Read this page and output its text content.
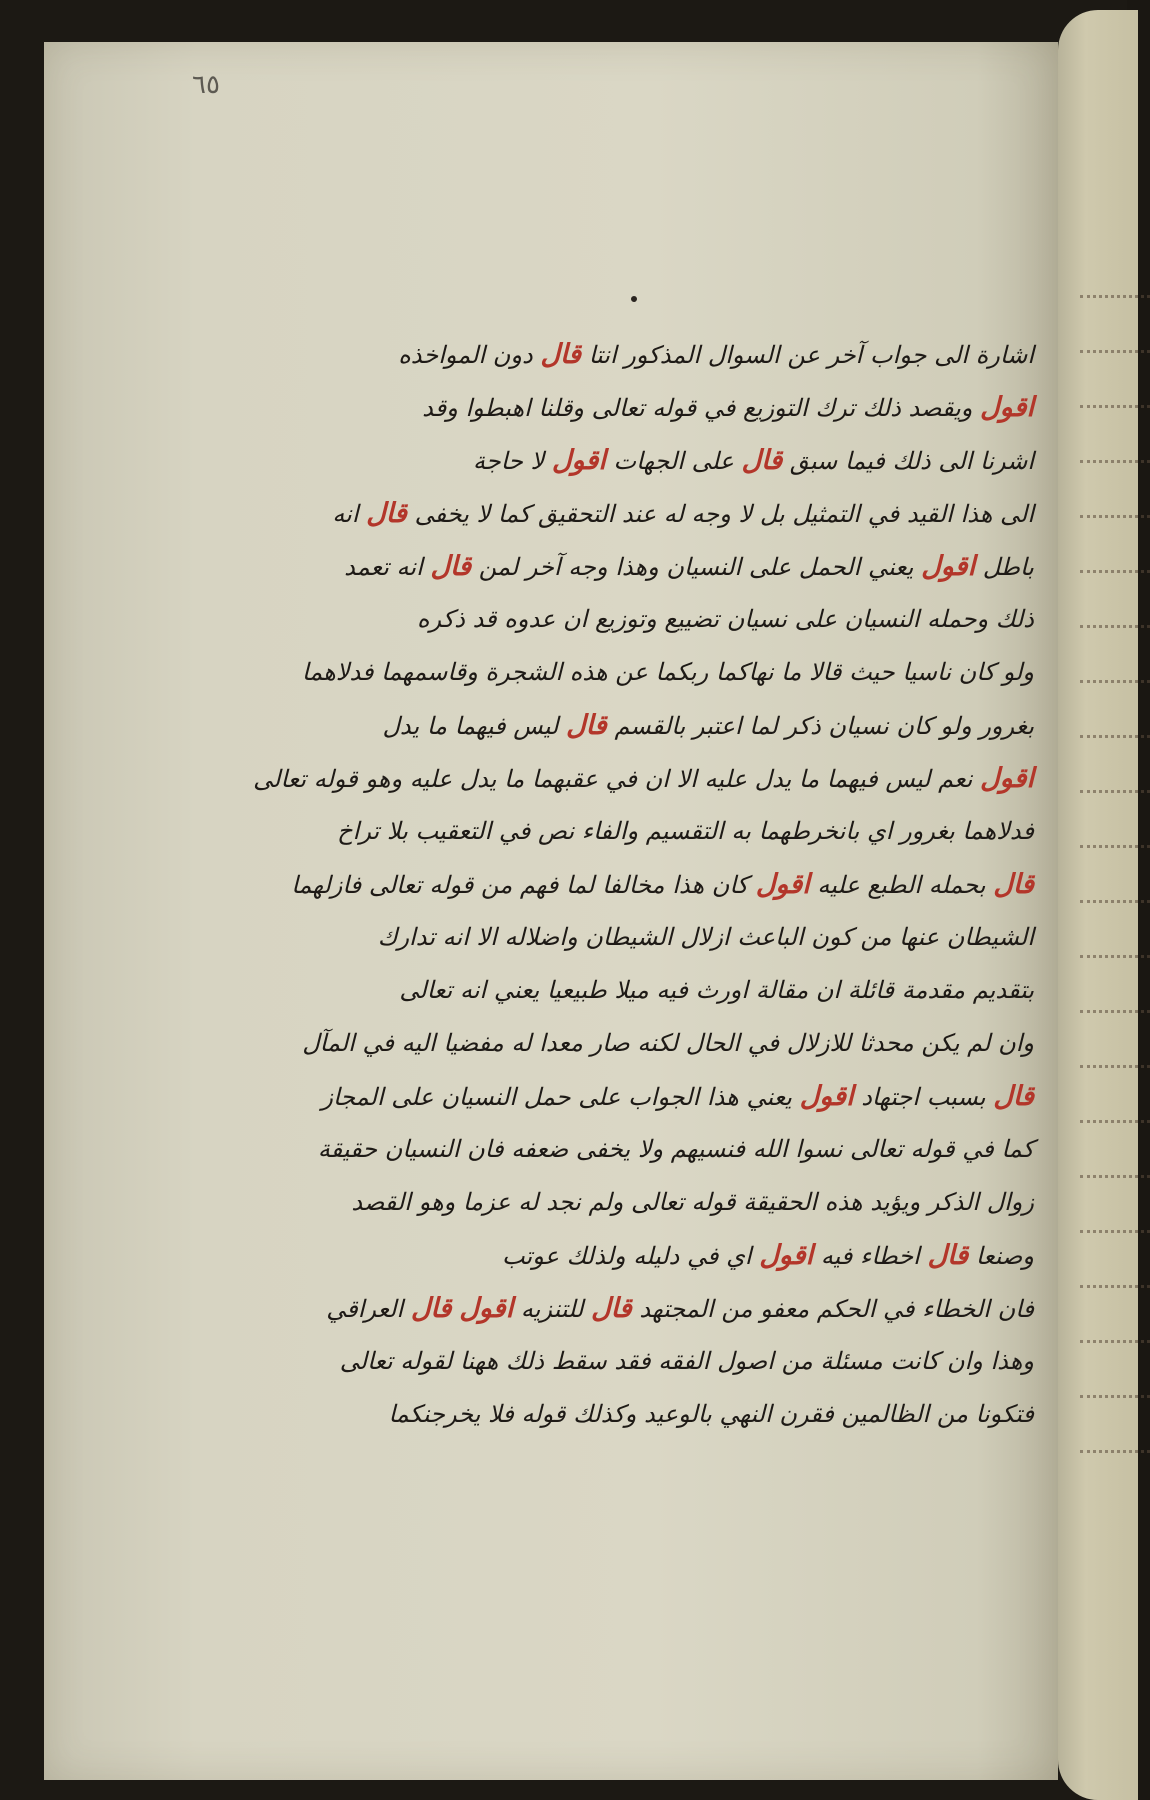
٦٥
اشارة الى جواب آخر عن السوال المذكور انتا قال دون المواخذه
اقول ويقصد ذلك ترك التوزيع في قوله تعالى وقلنا اهبطوا وقد
اشرنا الى ذلك فيما سبق قال على الجهات اقول لا حاجة
الى هذا القيد في التمثيل بل لا وجه له عند التحقيق كما لا يخفى قال انه
باطل اقول يعني الحمل على النسيان وهذا وجه آخر لمن قال انه تعمد
ذلك وحمله النسيان على نسيان تضييع وتوزيع ان عدوه قد ذكره
ولو كان ناسيا حيث قالا ما نهاكما ربكما عن هذه الشجرة وقاسمهما فدلاهما
بغرور ولو كان نسيان ذكر لما اعتبر بالقسم قال ليس فيهما ما يدل
اقول نعم ليس فيهما ما يدل عليه الا ان في عقبهما ما يدل عليه وهو قوله تعالى
فدلاهما بغرور اي بانخرطهما به التقسيم والفاء نص في التعقيب بلا تراخ
قال بحمله الطبع عليه اقول كان هذا مخالفا لما فهم من قوله تعالى فازلهما
الشيطان عنها من كون الباعث ازلال الشيطان واضلاله الا انه تدارك
بتقديم مقدمة قائلة ان مقالة اورث فيه ميلا طبيعيا يعني انه تعالى
وان لم يكن محدثا للازلال في الحال لكنه صار معدا له مفضيا اليه في المآل
قال بسبب اجتهاد اقول يعني هذا الجواب على حمل النسيان على المجاز
كما في قوله تعالى نسوا الله فنسيهم ولا يخفى ضعفه فان النسيان حقيقة
زوال الذكر ويؤيد هذه الحقيقة قوله تعالى ولم نجد له عزما وهو القصد
وصنعا قال اخطاء فيه اقول اي في دليله ولذلك عوتب
فان الخطاء في الحكم معفو من المجتهد قال للتنزيه اقول قال العراقي
وهذا وان كانت مسئلة من اصول الفقه فقد سقط ذلك ههنا لقوله تعالى
فتكونا من الظالمين فقرن النهي بالوعيد وكذلك قوله فلا يخرجنكما
